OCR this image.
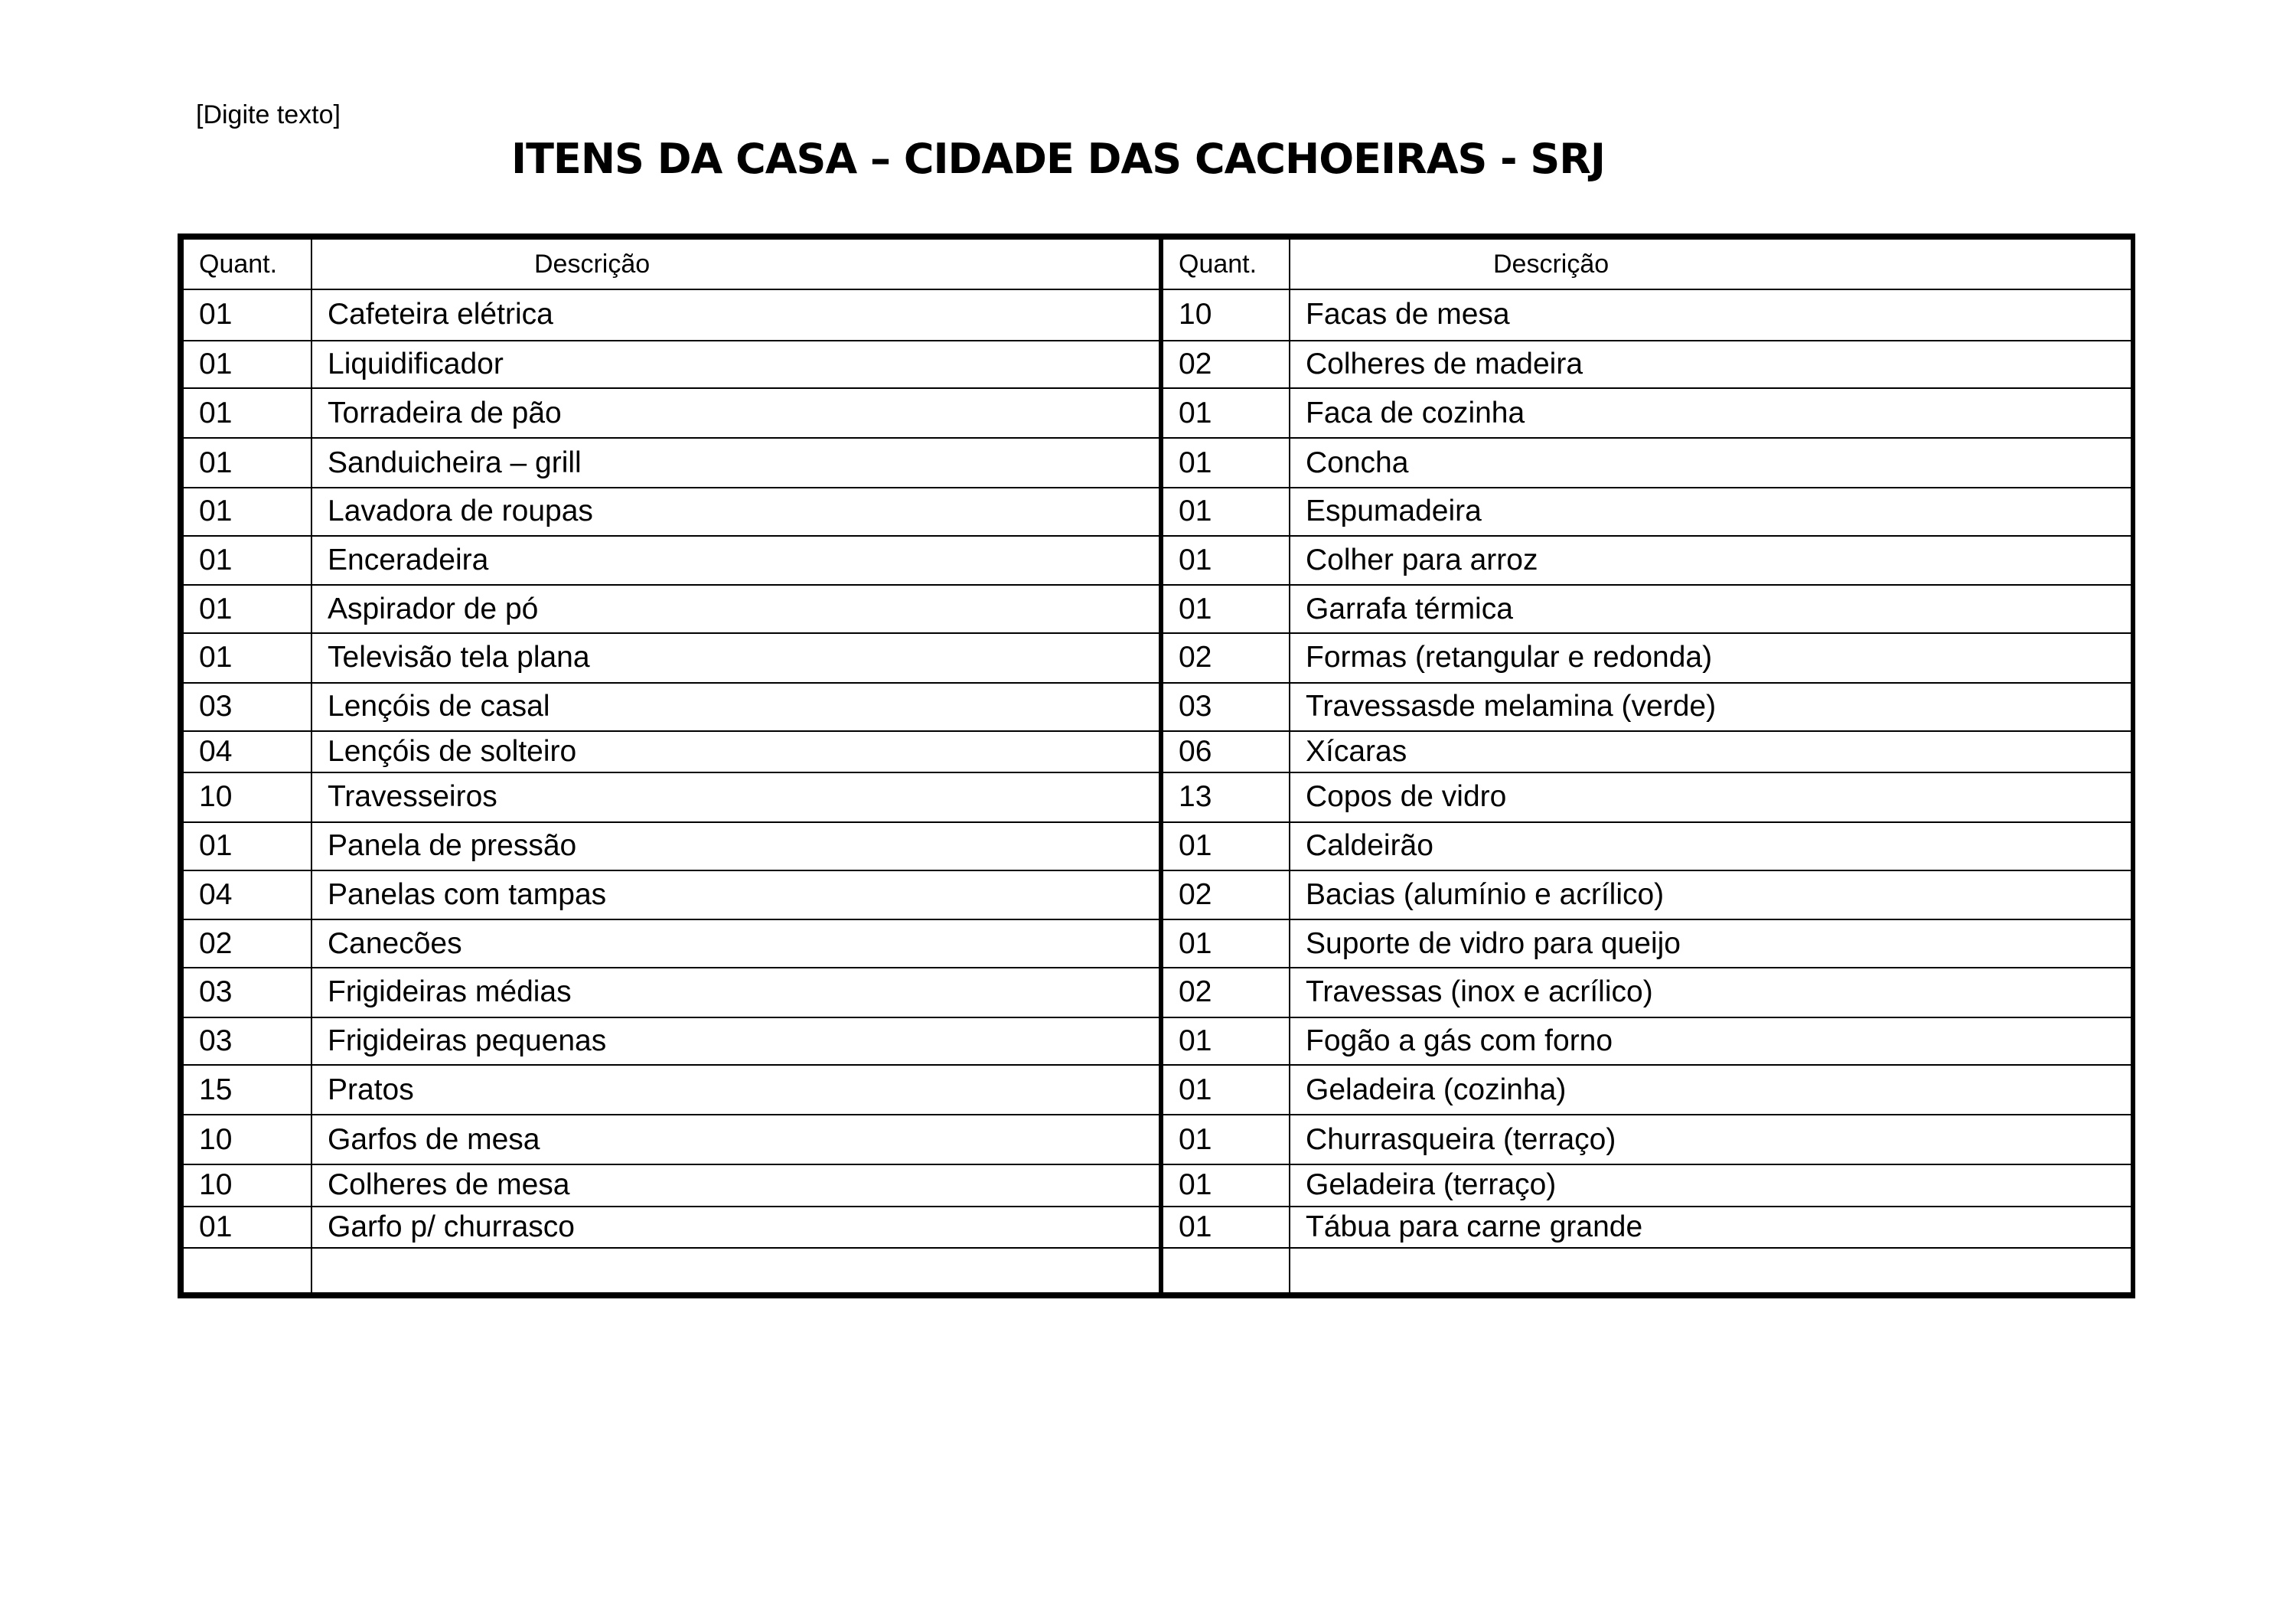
[Digite texto]
ITENS DA CASA – CIDADE DAS CACHOEIRAS - SRJ
Quant.	Descrição	Quant.	Descrição
01	Cafeteira elétrica	10	Facas de mesa
01	Liquidificador	02	Colheres de madeira
01	Torradeira de pão	01	Faca de cozinha
01	Sanduicheira – grill	01	Concha
01	Lavadora de roupas	01	Espumadeira
01	Enceradeira	01	Colher para arroz
01	Aspirador de pó	01	Garrafa térmica
01	Televisão tela plana	02	Formas (retangular e redonda)
03	Lençóis de casal	03	Travessasde melamina (verde)
04	Lençóis de solteiro	06	Xícaras
10	Travesseiros	13	Copos de vidro
01	Panela de pressão	01	Caldeirão
04	Panelas com tampas	02	Bacias (alumínio e acrílico)
02	Canecões	01	Suporte de vidro para queijo
03	Frigideiras médias	02	Travessas (inox e acrílico)
03	Frigideiras pequenas	01	Fogão a gás com forno
15	Pratos	01	Geladeira (cozinha)
10	Garfos de mesa	01	Churrasqueira (terraço)
10	Colheres de mesa	01	Geladeira (terraço)
01	Garfo p/ churrasco	01	Tábua para carne grande
